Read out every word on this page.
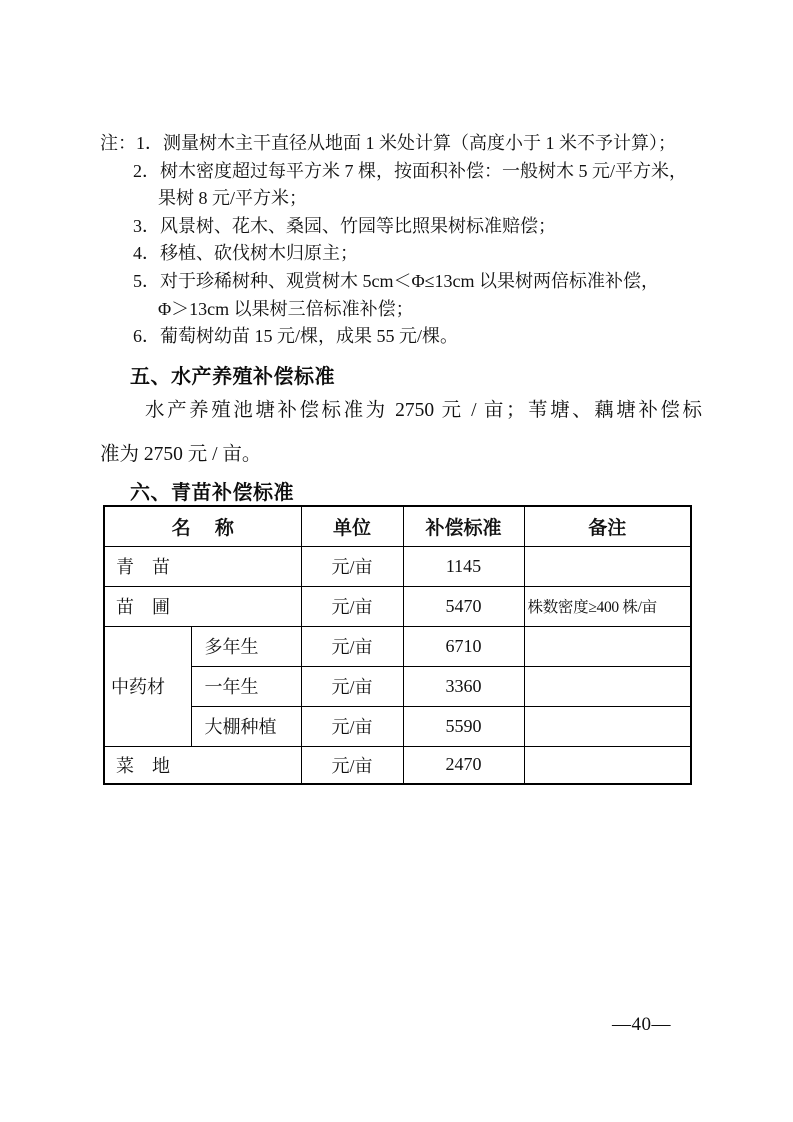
注：1．测量树木主干直径从地面 1 米处计算（高度小于 1 米不予计算）；
2．树木密度超过每平方米 7 棵，按面积补偿：一般树木 5 元/平方米，
果树 8 元/平方米；
3．风景树、花木、桑园、竹园等比照果树标准赔偿；
4．移植、砍伐树木归原主；
5．对于珍稀树种、观赏树木 5cm＜Φ≤13cm 以果树两倍标准补偿，
Φ＞13cm 以果树三倍标准补偿；
6．葡萄树幼苗 15 元/棵，成果 55 元/棵。
五、水产养殖补偿标准
水产养殖池塘补偿标准为 2750 元 / 亩；苇塘、藕塘补偿标
准为 2750 元 / 亩。
六、青苗补偿标准
名　 称		单位	补偿标准	备注
青　苗		元/亩	1145	
苗　圃		元/亩	5470	株数密度≥400 株/亩
中药材	多年生	元/亩	6710	
	一年生	元/亩	3360	
	大棚种植	元/亩	5590	
菜　地		元/亩	2470	
—40—
